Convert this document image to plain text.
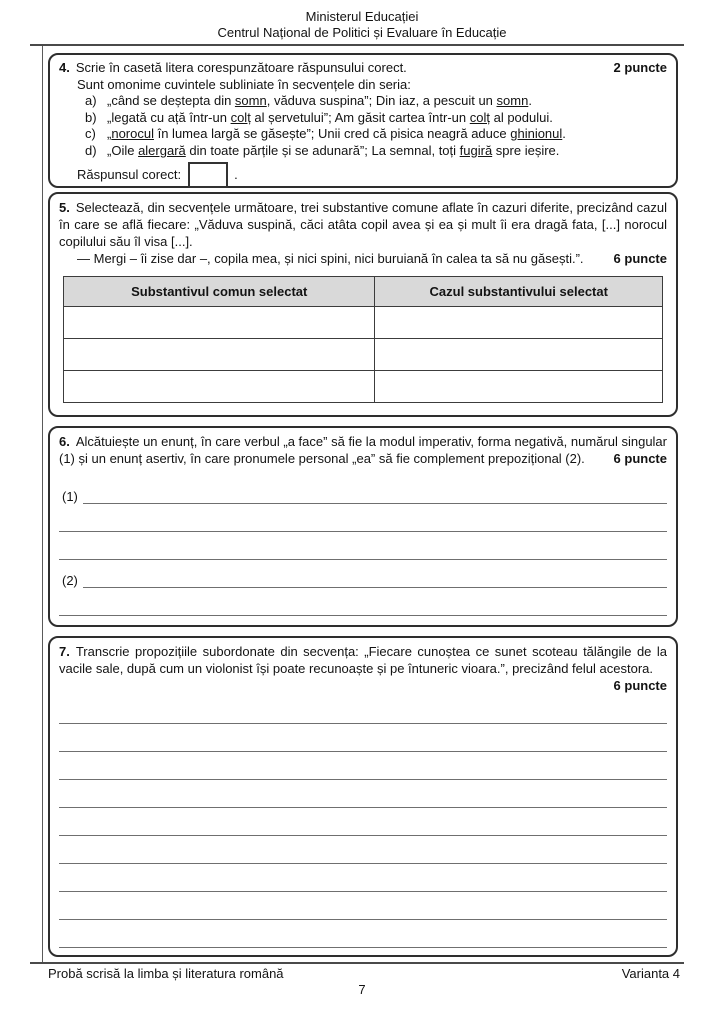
Ministerul Educației
Centrul Național de Politici și Evaluare în Educație
4. Scrie în casetă litera corespunzătoare răspunsului corect.	2 puncte
Sunt omonime cuvintele subliniate în secvențele din seria:
a) „când se deștepta din somn, văduva suspina”; Din iaz, a pescuit un somn.
b) „legată cu ață într-un colț al șervetului”; Am găsit cartea într-un colț al podului.
c) „norocul în lumea largă se găsește”; Unii cred că pisica neagră aduce ghinionul.
d) „Oile alergară din toate părțile și se adunară”; La semnal, toți fugiră spre ieșire.
Răspunsul corect:	.

5. Selectează, din secvențele următoare, trei substantive comune aflate în cazuri diferite, precizând cazul în care se află fiecare: „Văduva suspină, căci atâta copil avea și ea și mult îi era dragă fata, [...] norocul copilului său îl visa [...].

— Mergi – îi zise dar –, copila mea, și nici spini, nici buruiană în calea ta să nu găsești.”. 6 puncte

Substantivul comun selectat	Cazul substantivului selectat

6. Alcătuiește un enunț, în care verbul „a face” să fie la modul imperativ, forma negativă, numărul singular (1) și un enunț asertiv, în care pronumele personal „ea” să fie complement prepozițional (2). 6 puncte

(1)
(2)

7. Transcrie propozițiile subordonate din secvența: „Fiecare cunoștea ce sunet scoteau tălăngile de la vacile sale, după cum un violonist își poate recunoaște și pe întuneric vioara.”, precizând felul acestora.

6 puncte

Probă scrisă la limba și literatura română	Varianta 4
7
